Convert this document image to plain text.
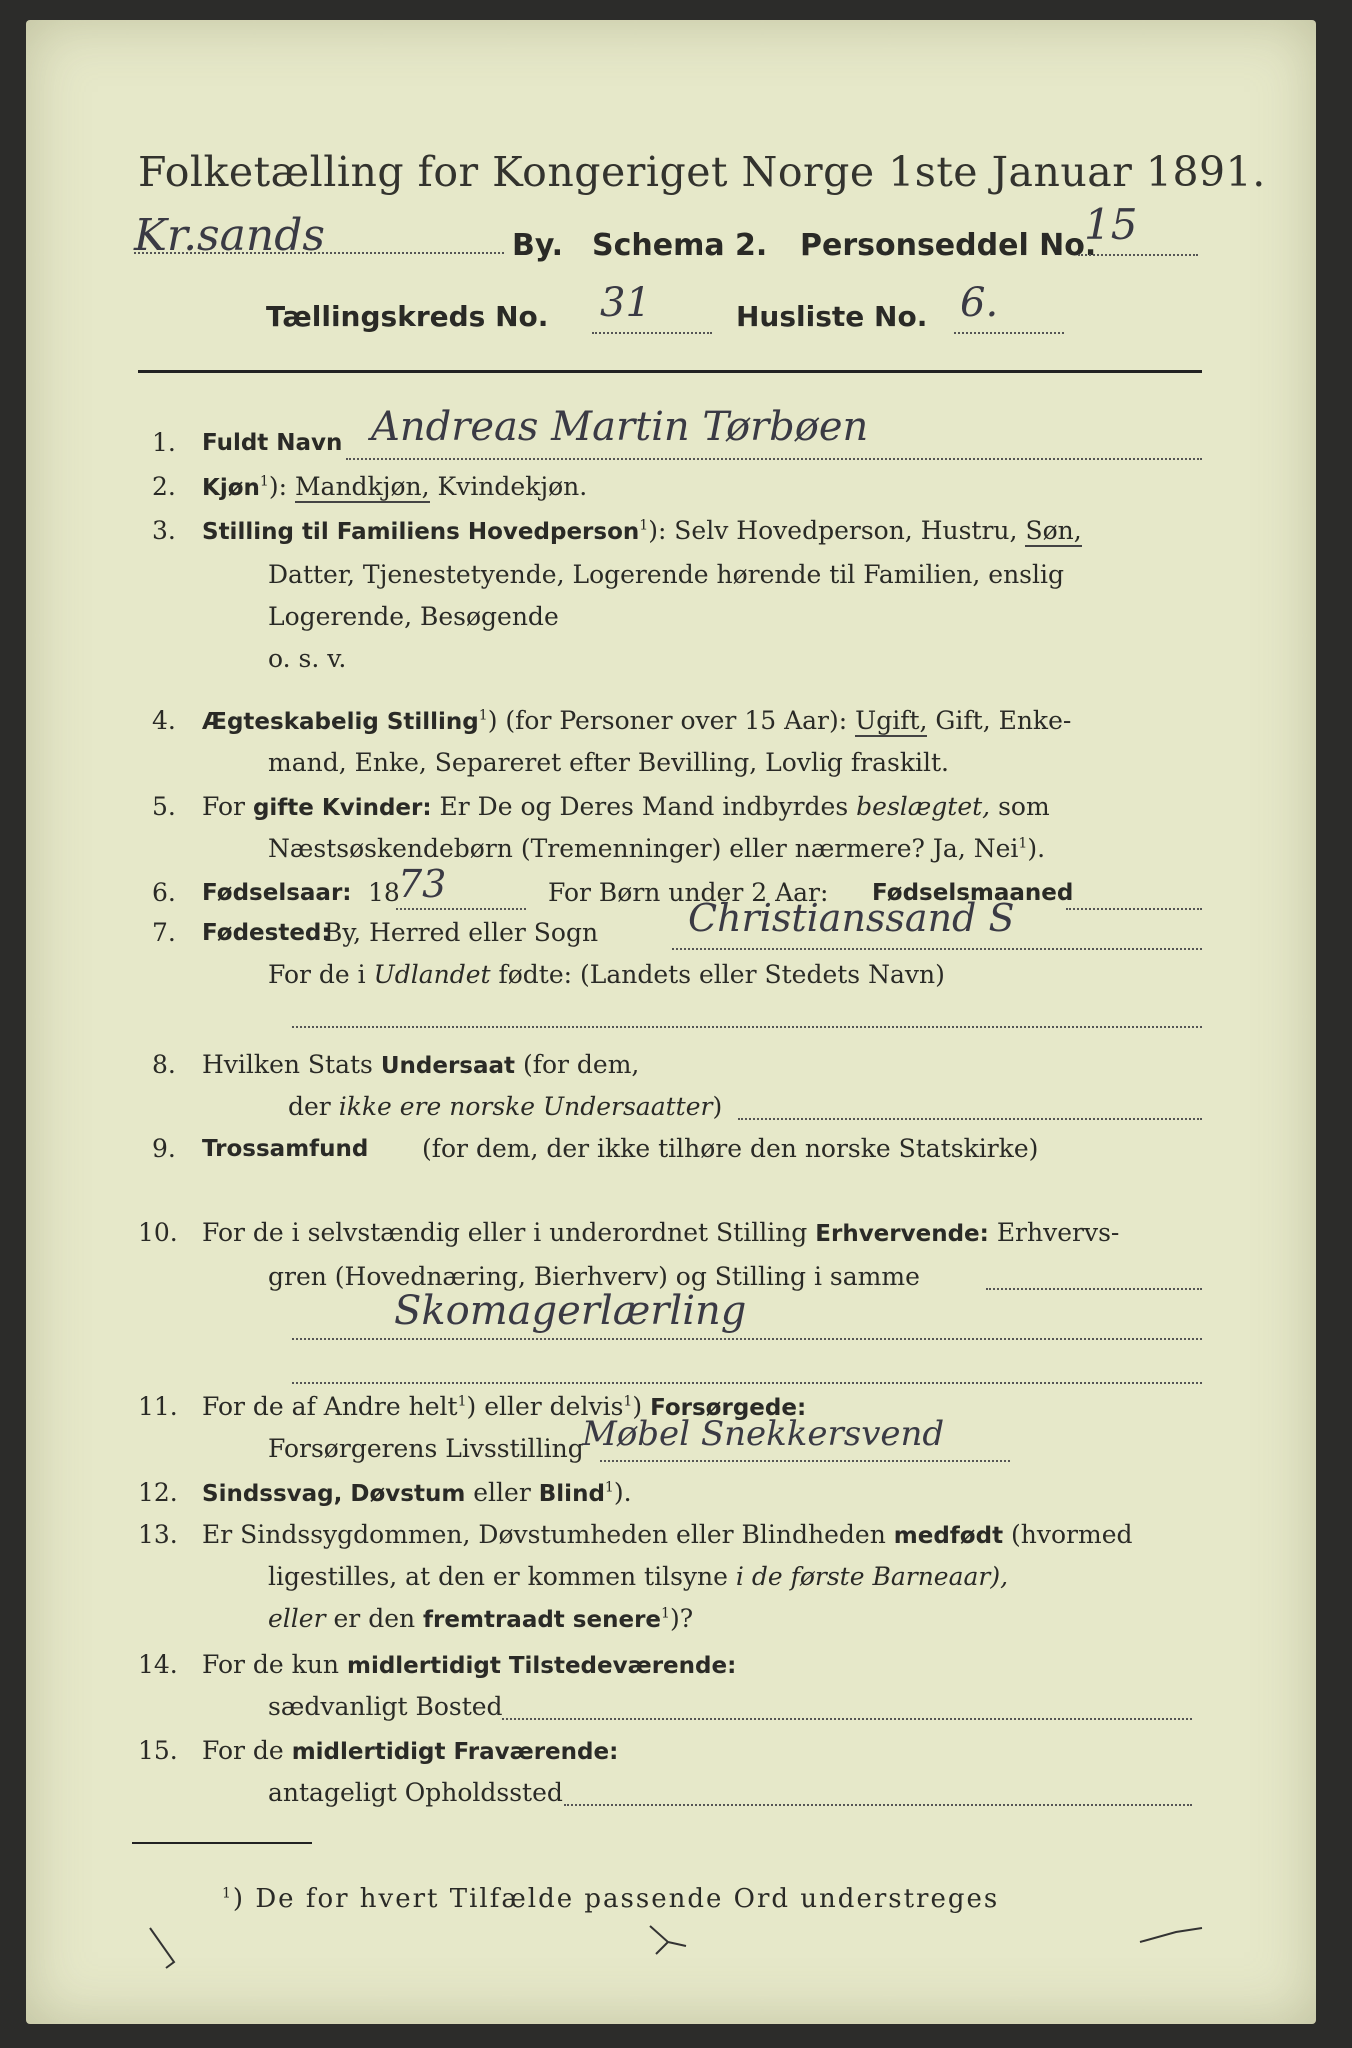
Folketælling for Kongeriget Norge 1ste Januar 1891.
Kr.sands	By. Schema 2. Personseddel No.
15
Tællingskreds No. 31	Husliste No. 6.
1. Fuldt Navn Andreas Martin Tørbøen
2. Kjøn$^1$): Mandkjøn, Kvindekjøn.
3. Stilling til Familiens Hovedperson$^1$): Selv Hovedperson, Hustru, Søn,
Datter, Tjenestetyende, Logerende hørende til Familien, enslig
Logerende, Besøgende
o. s. v.
4. Ægteskabelig Stilling$^1$) (for Personer over 15 Aar): Ugift, Gift, Enke-
mand, Enke, Separeret efter Bevilling, Lovlig fraskilt.
5. For gifte Kvinder: Er De og Deres Mand indbyrdes beslægtet, som
Næstsøskendebørn (Tremenninger) eller nærmere? Ja, Nei$^1$).
6. Fødselsaar: 18
73	For Børn under 2 Aar: Fødselsmaaned
7. Fødested:
By, Herred eller Sogn Christianssand S
For de i Udlandet fødte: (Landets eller Stedets Navn)
8. Hvilken Stats Undersaat (for dem,
der ikke ere norske Undersaatter)
9. Trossamfund (for dem, der ikke tilhøre den norske Statskirke)
10. For de i selvstændig eller i underordnet Stilling Erhvervende: Erhvervs-
gren (Hovednæring, Bierhverv) og Stilling i samme
Skomagerlærling
11. For de af Andre helt$^1$) eller delvis$^1$) Forsørgede:
Forsørgerens Livsstilling
Møbel Snekkersvend
12. Sindssvag, Døvstum eller Blind$^1$).
13. Er Sindssygdommen, Døvstumheden eller Blindheden medfødt (hvormed
ligestilles, at den er kommen tilsyne i de første Barneaar),
eller er den fremtraadt senere$^1$)?
14. For de kun midlertidigt Tilstedeværende:
sædvanligt Bosted
15. For de midlertidigt Fraværende:
antageligt Opholdssted
$^1$) De for hvert Tilfælde passende Ord understreges
